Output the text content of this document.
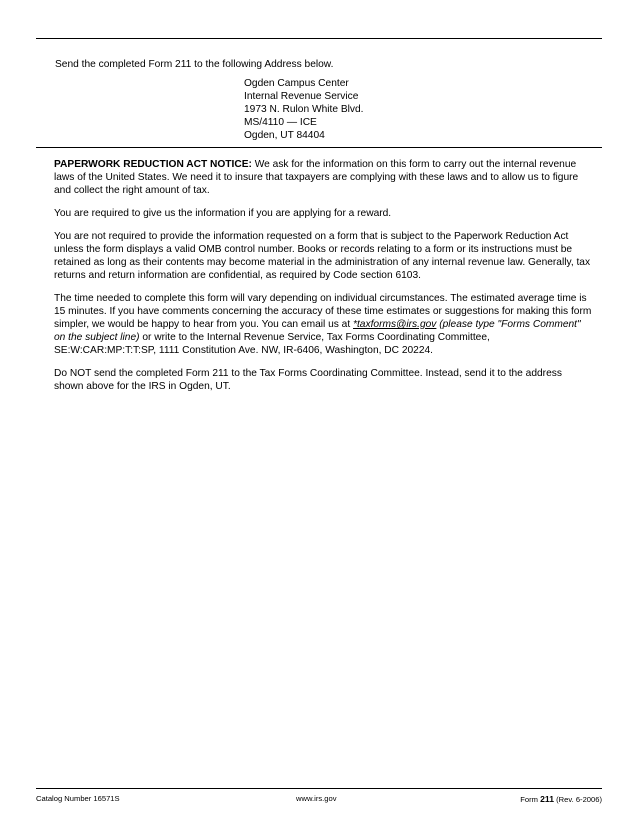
Send the completed Form 211 to the following Address below.
Ogden Campus Center
Internal Revenue Service
1973 N. Rulon White Blvd.
MS/4110 — ICE
Ogden, UT 84404

PAPERWORK REDUCTION ACT NOTICE: We ask for the information on this form to carry out the internal revenue laws of the United States. We need it to insure that taxpayers are complying with these laws and to allow us to figure and collect the right amount of tax.

You are required to give us the information if you are applying for a reward.

You are not required to provide the information requested on a form that is subject to the Paperwork Reduction Act unless the form displays a valid OMB control number. Books or records relating to a form or its instructions must be retained as long as their contents may become material in the administration of any internal revenue law. Generally, tax returns and return information are confidential, as required by Code section 6103.

The time needed to complete this form will vary depending on individual circumstances. The estimated average time is 15 minutes. If you have comments concerning the accuracy of these time estimates or suggestions for making this form simpler, we would be happy to hear from you. You can email us at *taxforms@irs.gov (please type "Forms Comment" on the subject line) or write to the Internal Revenue Service, Tax Forms Coordinating Committee, SE:W:CAR:MP:T:T:SP, 1111 Constitution Ave. NW, IR-6406, Washington, DC 20224.

Do NOT send the completed Form 211 to the Tax Forms Coordinating Committee. Instead, send it to the address shown above for the IRS in Ogden, UT.

Catalog Number 16571S	www.irs.gov	Form 211 (Rev. 6-2006)
